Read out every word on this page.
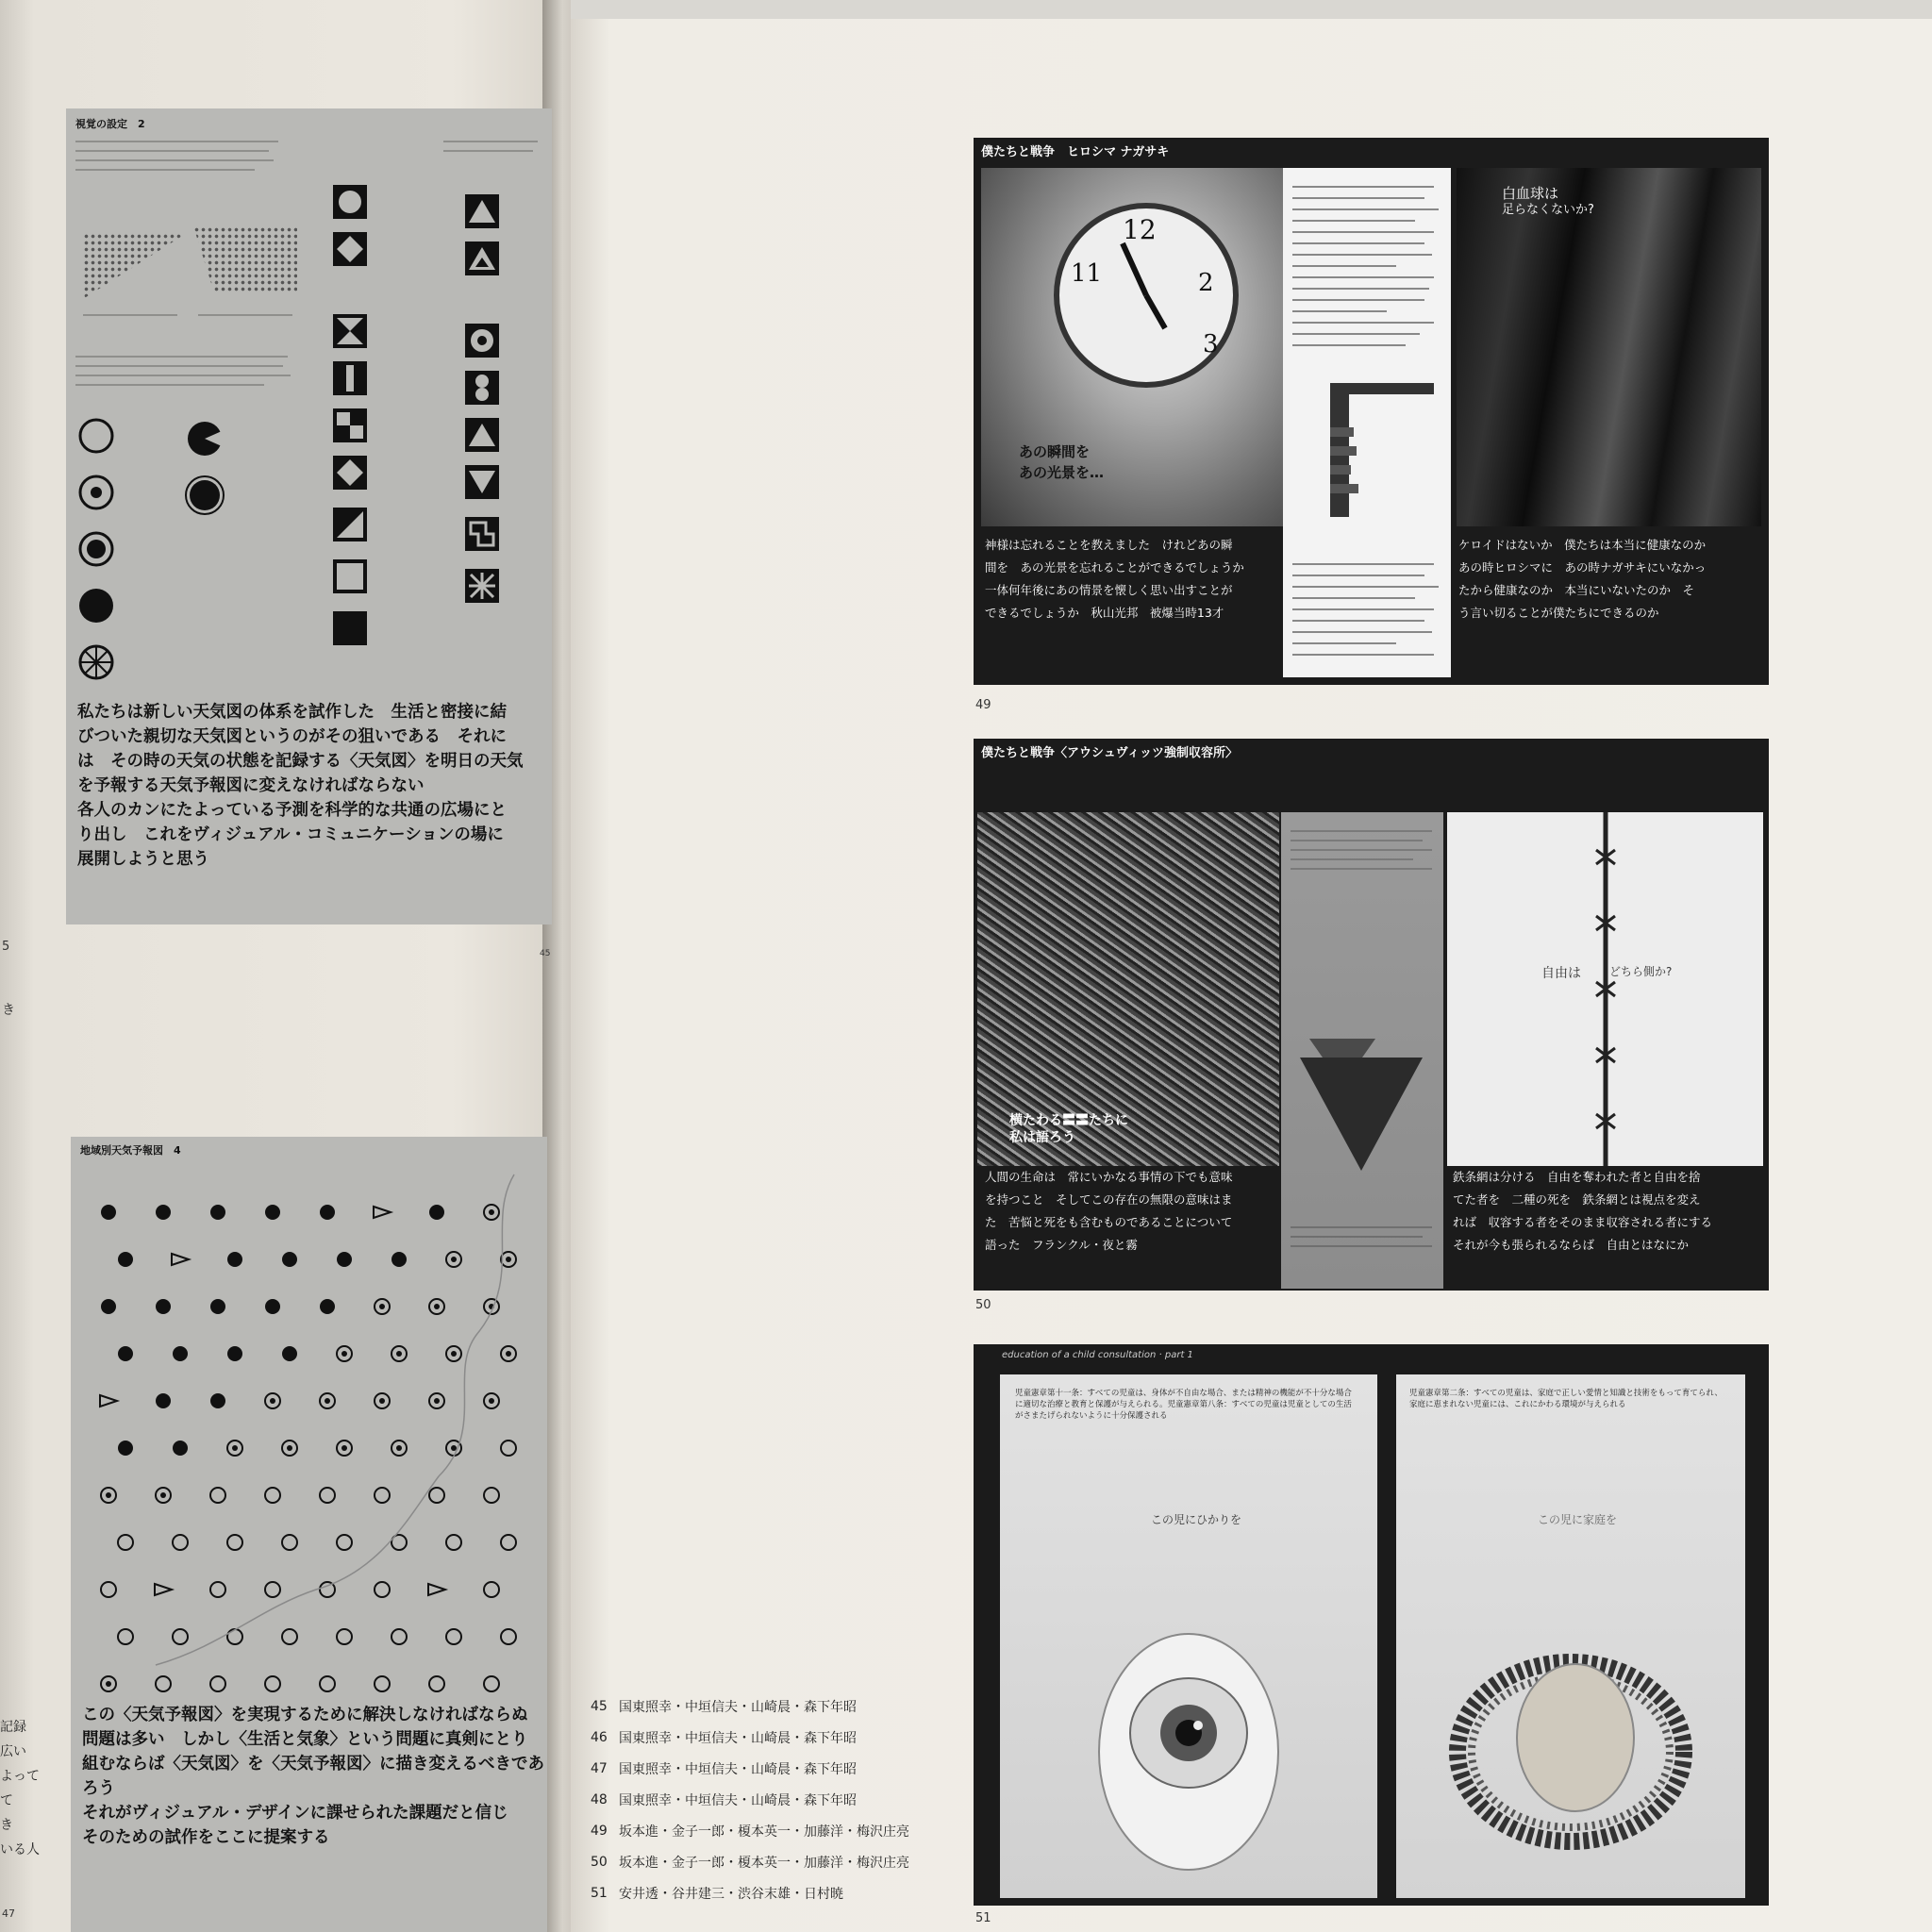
き
記録
広い
よって
て
き
いる人
5	45
47
視覚の設定　2
私たちは新しい天気図の体系を試作した　生活と密接に結
びついた親切な天気図というのがその狙いである　それに
は　その時の天気の状態を記録する〈天気図〉を明日の天気
を予報する天気予報図に変えなければならない
各人のカンにたよっている予測を科学的な共通の広場にと
り出し　これをヴィジュアル・コミュニケーションの場に
展開しようと思う
地域別天気予報図　4
この〈天気予報図〉を実現するために解決しなければならぬ
問題は多い　しかし〈生活と気象〉という問題に真剣にとり
組むならば〈天気図〉を〈天気予報図〉に描き変えるべきであ
ろう
それがヴィジュアル・デザインに課せられた課題だと信じ
そのための試作をここに提案する
僕たちと戦争　ヒロシマ ナガサキ
12
2
3
11
あの瞬間を
あの光景を…
白血球は
足らなくないか?
神様は忘れることを教えました　けれどあの瞬
間を　あの光景を忘れることができるでしょうか
一体何年後にあの情景を懐しく思い出すことが
できるでしょうか　秋山光邦　被爆当時13才
ケロイドはないか　僕たちは本当に健康なのか
あの時ヒロシマに　あの時ナガサキにいなかっ
たから健康なのか　本当にいないたのか　そ
う言い切ることが僕たちにできるのか
49
僕たちと戦争〈アウシュヴィッツ強制収容所〉
横たわる〓〓たちに
私は語ろう
自由は	どちら側か?
人間の生命は　常にいかなる事情の下でも意味
を持つこと　そしてこの存在の無限の意味はま
た　苦悩と死をも含むものであることについて
語った　フランクル・夜と霧
鉄条網は分ける　自由を奪われた者と自由を捨
てた者を　二種の死を　鉄条網とは視点を変え
れば　収容する者をそのまま収容される者にする
それが今も張られるならば　自由とはなにか
50
education of a child consultation · part 1
児童憲章第十一条：すべての児童は、身体が不自由な場合、または精神の機能が不十分な場合に適切な治療と教育と保護が与えられる。児童憲章第八条：すべての児童は児童としての生活がさまたげられないように十分保護される
この児にひかりを
児童憲章第二条：すべての児童は、家庭で正しい愛情と知識と技術をもって育てられ、家庭に恵まれない児童には、これにかわる環境が与えられる
この児に家庭を
51
45 国東照幸・中垣信夫・山崎晨・森下年昭
46 国東照幸・中垣信夫・山崎晨・森下年昭
47 国東照幸・中垣信夫・山崎晨・森下年昭
48 国東照幸・中垣信夫・山崎晨・森下年昭
49 坂本進・金子一郎・榎本英一・加藤洋・梅沢庄亮
50 坂本進・金子一郎・榎本英一・加藤洋・梅沢庄亮
51 安井透・谷井建三・渋谷末雄・日村暁
